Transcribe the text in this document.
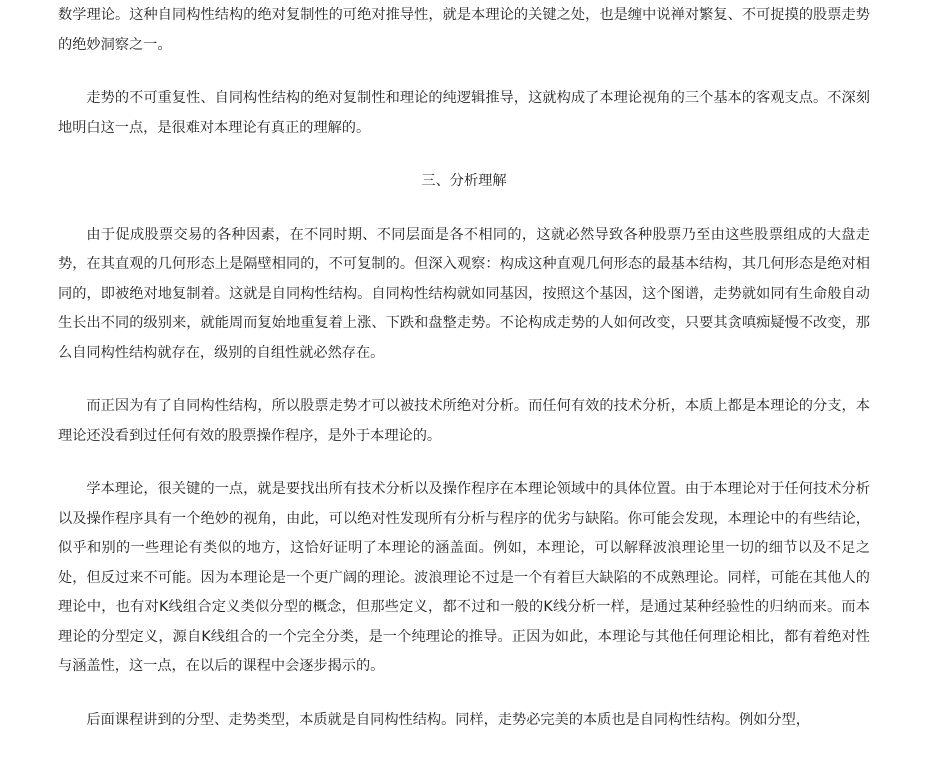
数学理论。这种自同构性结构的绝对复制性的可绝对推导性，就是本理论的关键之处，也是缠中说禅对繁复、不可捉摸的股票走势的绝妙洞察之一。

走势的不可重复性、自同构性结构的绝对复制性和理论的纯逻辑推导，这就构成了本理论视角的三个基本的客观支点。不深刻地明白这一点，是很难对本理论有真正的理解的。

三、分析理解

由于促成股票交易的各种因素，在不同时期、不同层面是各不相同的，这就必然导致各种股票乃至由这些股票组成的大盘走势，在其直观的几何形态上是隔壁相同的，不可复制的。但深入观察：构成这种直观几何形态的最基本结构，其几何形态是绝对相同的，即被绝对地复制着。这就是自同构性结构。自同构性结构就如同基因，按照这个基因，这个图谱，走势就如同有生命般自动生长出不同的级别来，就能周而复始地重复着上涨、下跌和盘整走势。不论构成走势的人如何改变，只要其贪嗔痴疑慢不改变，那么自同构性结构就存在，级别的自组性就必然存在。

而正因为有了自同构性结构，所以股票走势才可以被技术所绝对分析。而任何有效的技术分析，本质上都是本理论的分支，本理论还没看到过任何有效的股票操作程序，是外于本理论的。

学本理论，很关键的一点，就是要找出所有技术分析以及操作程序在本理论领域中的具体位置。由于本理论对于任何技术分析以及操作程序具有一个绝妙的视角，由此，可以绝对性发现所有分析与程序的优劣与缺陷。你可能会发现，本理论中的有些结论，似乎和别的一些理论有类似的地方，这恰好证明了本理论的涵盖面。例如，本理论，可以解释波浪理论里一切的细节以及不足之处，但反过来不可能。因为本理论是一个更广阔的理论。波浪理论不过是一个有着巨大缺陷的不成熟理论。同样，可能在其他人的理论中，也有对K线组合定义类似分型的概念，但那些定义，都不过和一般的K线分析一样，是通过某种经验性的归纳而来。而本理论的分型定义，源自K线组合的一个完全分类，是一个纯理论的推导。正因为如此，本理论与其他任何理论相比，都有着绝对性与涵盖性，这一点，在以后的课程中会逐步揭示的。

后面课程讲到的分型、走势类型，本质就是自同构性结构。同样，走势必完美的本质也是自同构性结构。例如分型，
